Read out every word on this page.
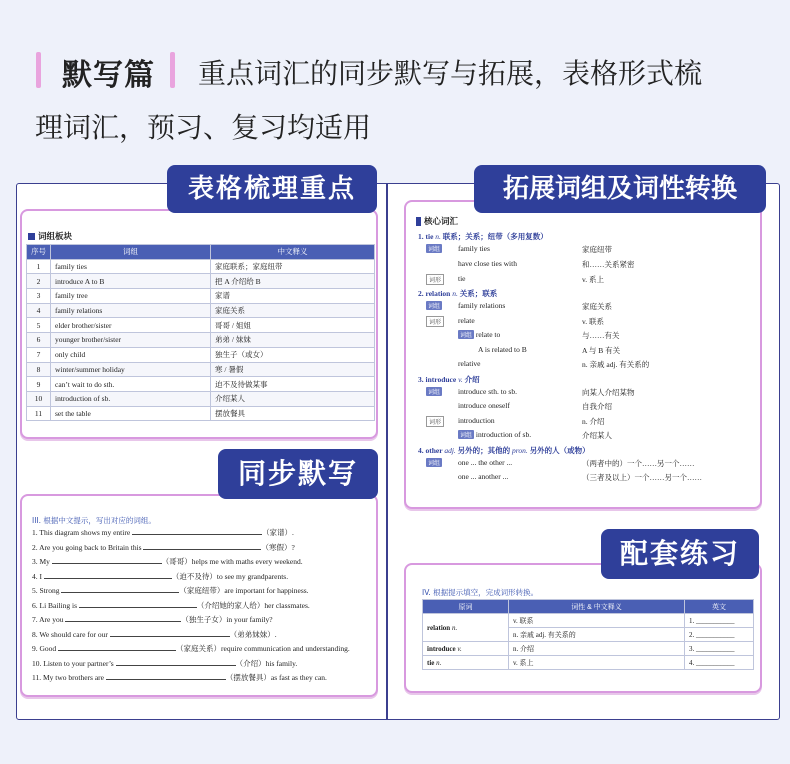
默写篇 重点词汇的同步默写与拓展，表格形式梳
理词汇，预习、复习均适用
词组板块
序号	词组	中文释义
1	family ties	家庭联系；家庭纽带
2	introduce A to B	把 A 介绍给 B
3	family tree	家谱
4	family relations	家庭关系
5	elder brother/sister	哥哥 / 姐姐
6	younger brother/sister	弟弟 / 妹妹
7	only child	独生子（或女）
8	winter/summer holiday	寒 / 暑假
9	can’t wait to do sth.	迫不及待做某事
10	introduction of sb.	介绍某人
11	set the table	摆放餐具
表格梳理重点
核心词汇
1. tie n. 联系；关系；纽带（多用复数）
词组 family ties	家庭纽带
have close ties with	和……关系紧密
词形	tie	v. 系上
2. relation n. 关系；联系
词组 family relations	家庭关系
词形	relate	v. 联系
词组 relate to	与……有关
A is related to B	A 与 B 有关
relative	n. 亲戚 adj. 有关系的
3. introduce v. 介绍
词组 introduce sth. to sb.	向某人介绍某物
introduce oneself	自我介绍
词形	introduction	n. 介绍
词组 introduction of sb.	介绍某人
4. other adj. 另外的；其他的 pron. 另外的人（或物）
词组 one ... the other ...	（两者中的）一个……另一个……
one ... another ...	（三者及以上）一个……另一个……
拓展词组及词性转换
III. 根据中文提示，写出对应的词组。
1. This diagram shows my entire	（家谱）.
2. Are you going back to Britain this	（寒假）?
3. My	（哥哥）helps me with maths every weekend.
4. I	（迫不及待）to see my grandparents.
5. Strong	（家庭纽带）are important for happiness.
6. Li Bailing is	（介绍她的家人给）her classmates.
7. Are you	（独生子女）in your family?
8. We should care for our	（弟弟妹妹）.
9. Good	（家庭关系）require communication and understanding.
10. Listen to your partner’s	（介绍）his family.
11. My two brothers are	（摆放餐具）as fast as they can.
同步默写
IV. 根据提示填空，完成词形转换。
原词	词性 & 中文释义	英文
relation n.	v. 联系	1. ___________
	n. 亲戚 adj. 有关系的	2. ___________
introduce v.	n. 介绍	3. ___________
tie n.	v. 系上	4. ___________
配套练习
